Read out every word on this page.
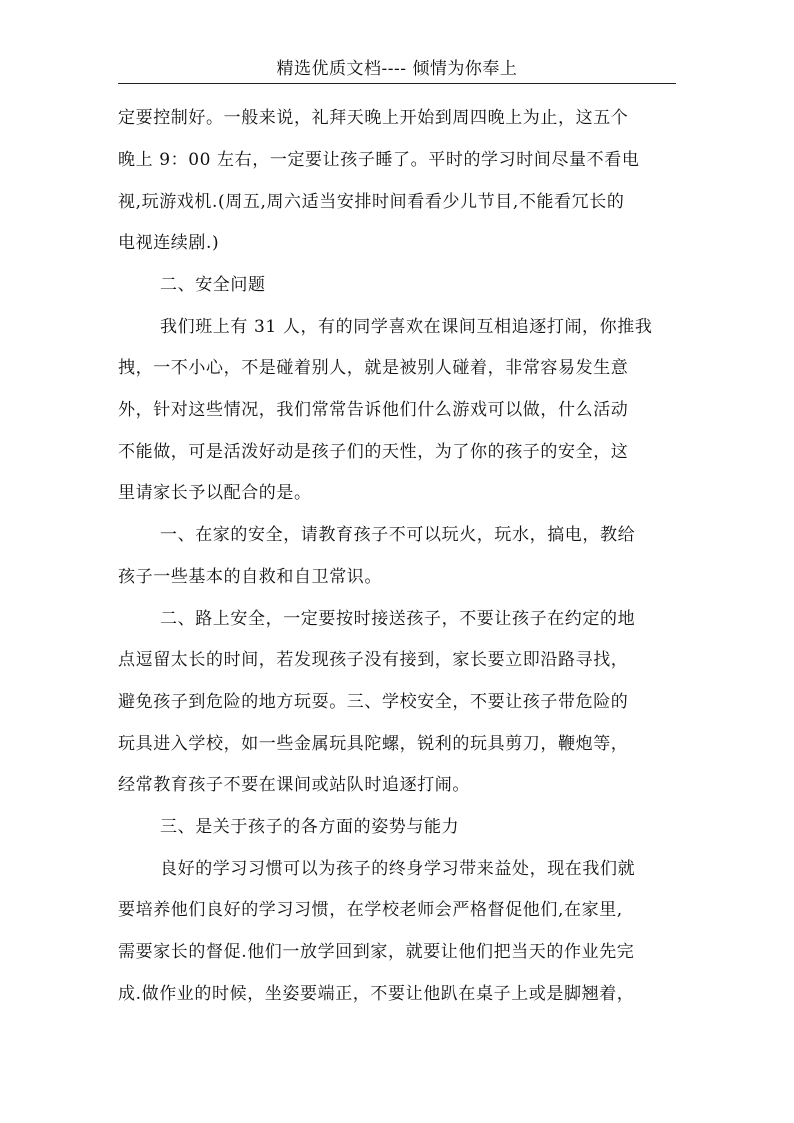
精选优质文档---- 倾情为你奉上
定要控制好。一般来说，礼拜天晚上开始到周四晚上为止，这五个
晚上 9：00 左右，一定要让孩子睡了。平时的学习时间尽量不看电
视,玩游戏机.(周五,周六适当安排时间看看少儿节目,不能看冗长的
电视连续剧.)
二、安全问题
我们班上有 31 人，有的同学喜欢在课间互相追逐打闹，你推我
拽，一不小心，不是碰着别人，就是被别人碰着，非常容易发生意
外，针对这些情况，我们常常告诉他们什么游戏可以做，什么活动
不能做，可是活泼好动是孩子们的天性，为了你的孩子的安全，这
里请家长予以配合的是。
一、在家的安全，请教育孩子不可以玩火，玩水，搞电，教给
孩子一些基本的自救和自卫常识。
二、路上安全，一定要按时接送孩子，不要让孩子在约定的地
点逗留太长的时间，若发现孩子没有接到，家长要立即沿路寻找，
避免孩子到危险的地方玩耍。三、学校安全，不要让孩子带危险的
玩具进入学校，如一些金属玩具陀螺，锐利的玩具剪刀，鞭炮等，
经常教育孩子不要在课间或站队时追逐打闹。
三、是关于孩子的各方面的姿势与能力
良好的学习习惯可以为孩子的终身学习带来益处，现在我们就
要培养他们良好的学习习惯，在学校老师会严格督促他们,在家里,
需要家长的督促.他们一放学回到家，就要让他们把当天的作业先完
成.做作业的时候，坐姿要端正，不要让他趴在桌子上或是脚翘着，
